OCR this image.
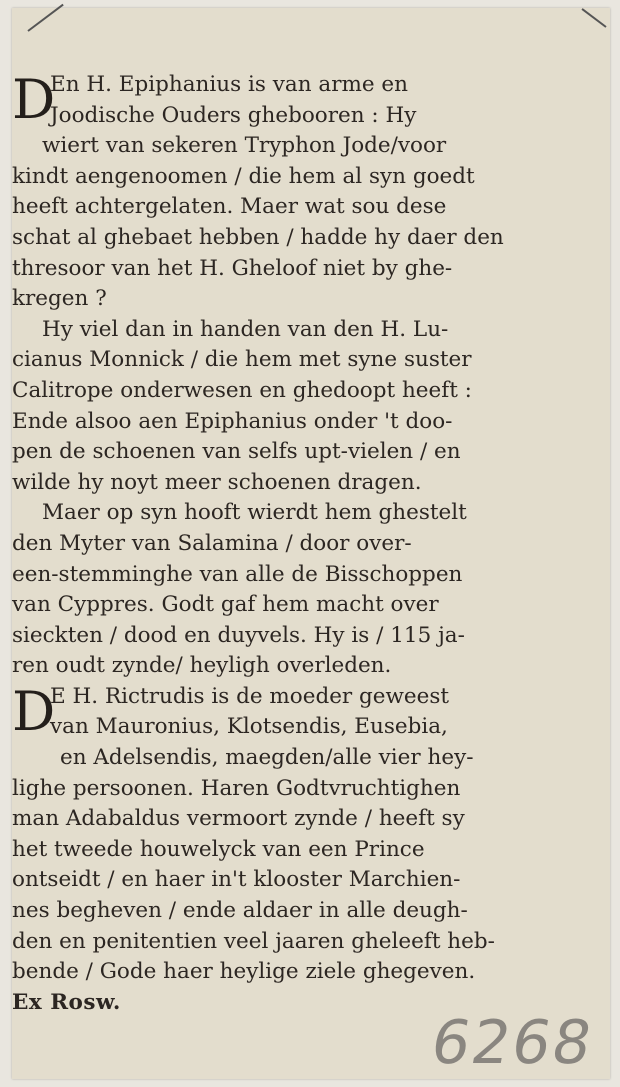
D
En H. Epiphanius is van arme en
Joodische Ouders ghebooren : Hy
wiert van sekeren Tryphon Jode/voor
kindt aengenoomen / die hem al syn goedt
heeft achtergelaten. Maer wat sou dese
schat al ghebaet hebben / hadde hy daer den
thresoor van het H. Gheloof niet by ghe-
kregen ?
Hy viel dan in handen van den H. Lu-
cianus Monnick / die hem met syne suster
Calitrope onderwesen en ghedoopt heeft :
Ende alsoo aen Epiphanius onder 't doo-
pen de schoenen van selfs upt-vielen / en
wilde hy noyt meer schoenen dragen.
Maer op syn hooft wierdt hem ghestelt
den Myter van Salamina / door over-
een-stemminghe van alle de Bisschoppen
van Cyppres. Godt gaf hem macht over
sieckten / dood en duyvels. Hy is / 115 ja-
ren oudt zynde/ heyligh overleden.
D
E H. Rictrudis is de moeder geweest
van Mauronius, Klotsendis, Eusebia,
en Adelsendis, maegden/alle vier hey-
lighe persoonen. Haren Godtvruchtighen
man Adabaldus vermoort zynde / heeft sy
het tweede houwelyck van een Prince
ontseidt / en haer in't klooster Marchien-
nes begheven / ende aldaer in alle deugh-
den en penitentien veel jaaren gheleeft heb-
bende / Gode haer heylige ziele ghegeven.
Ex Rosw.
6268
